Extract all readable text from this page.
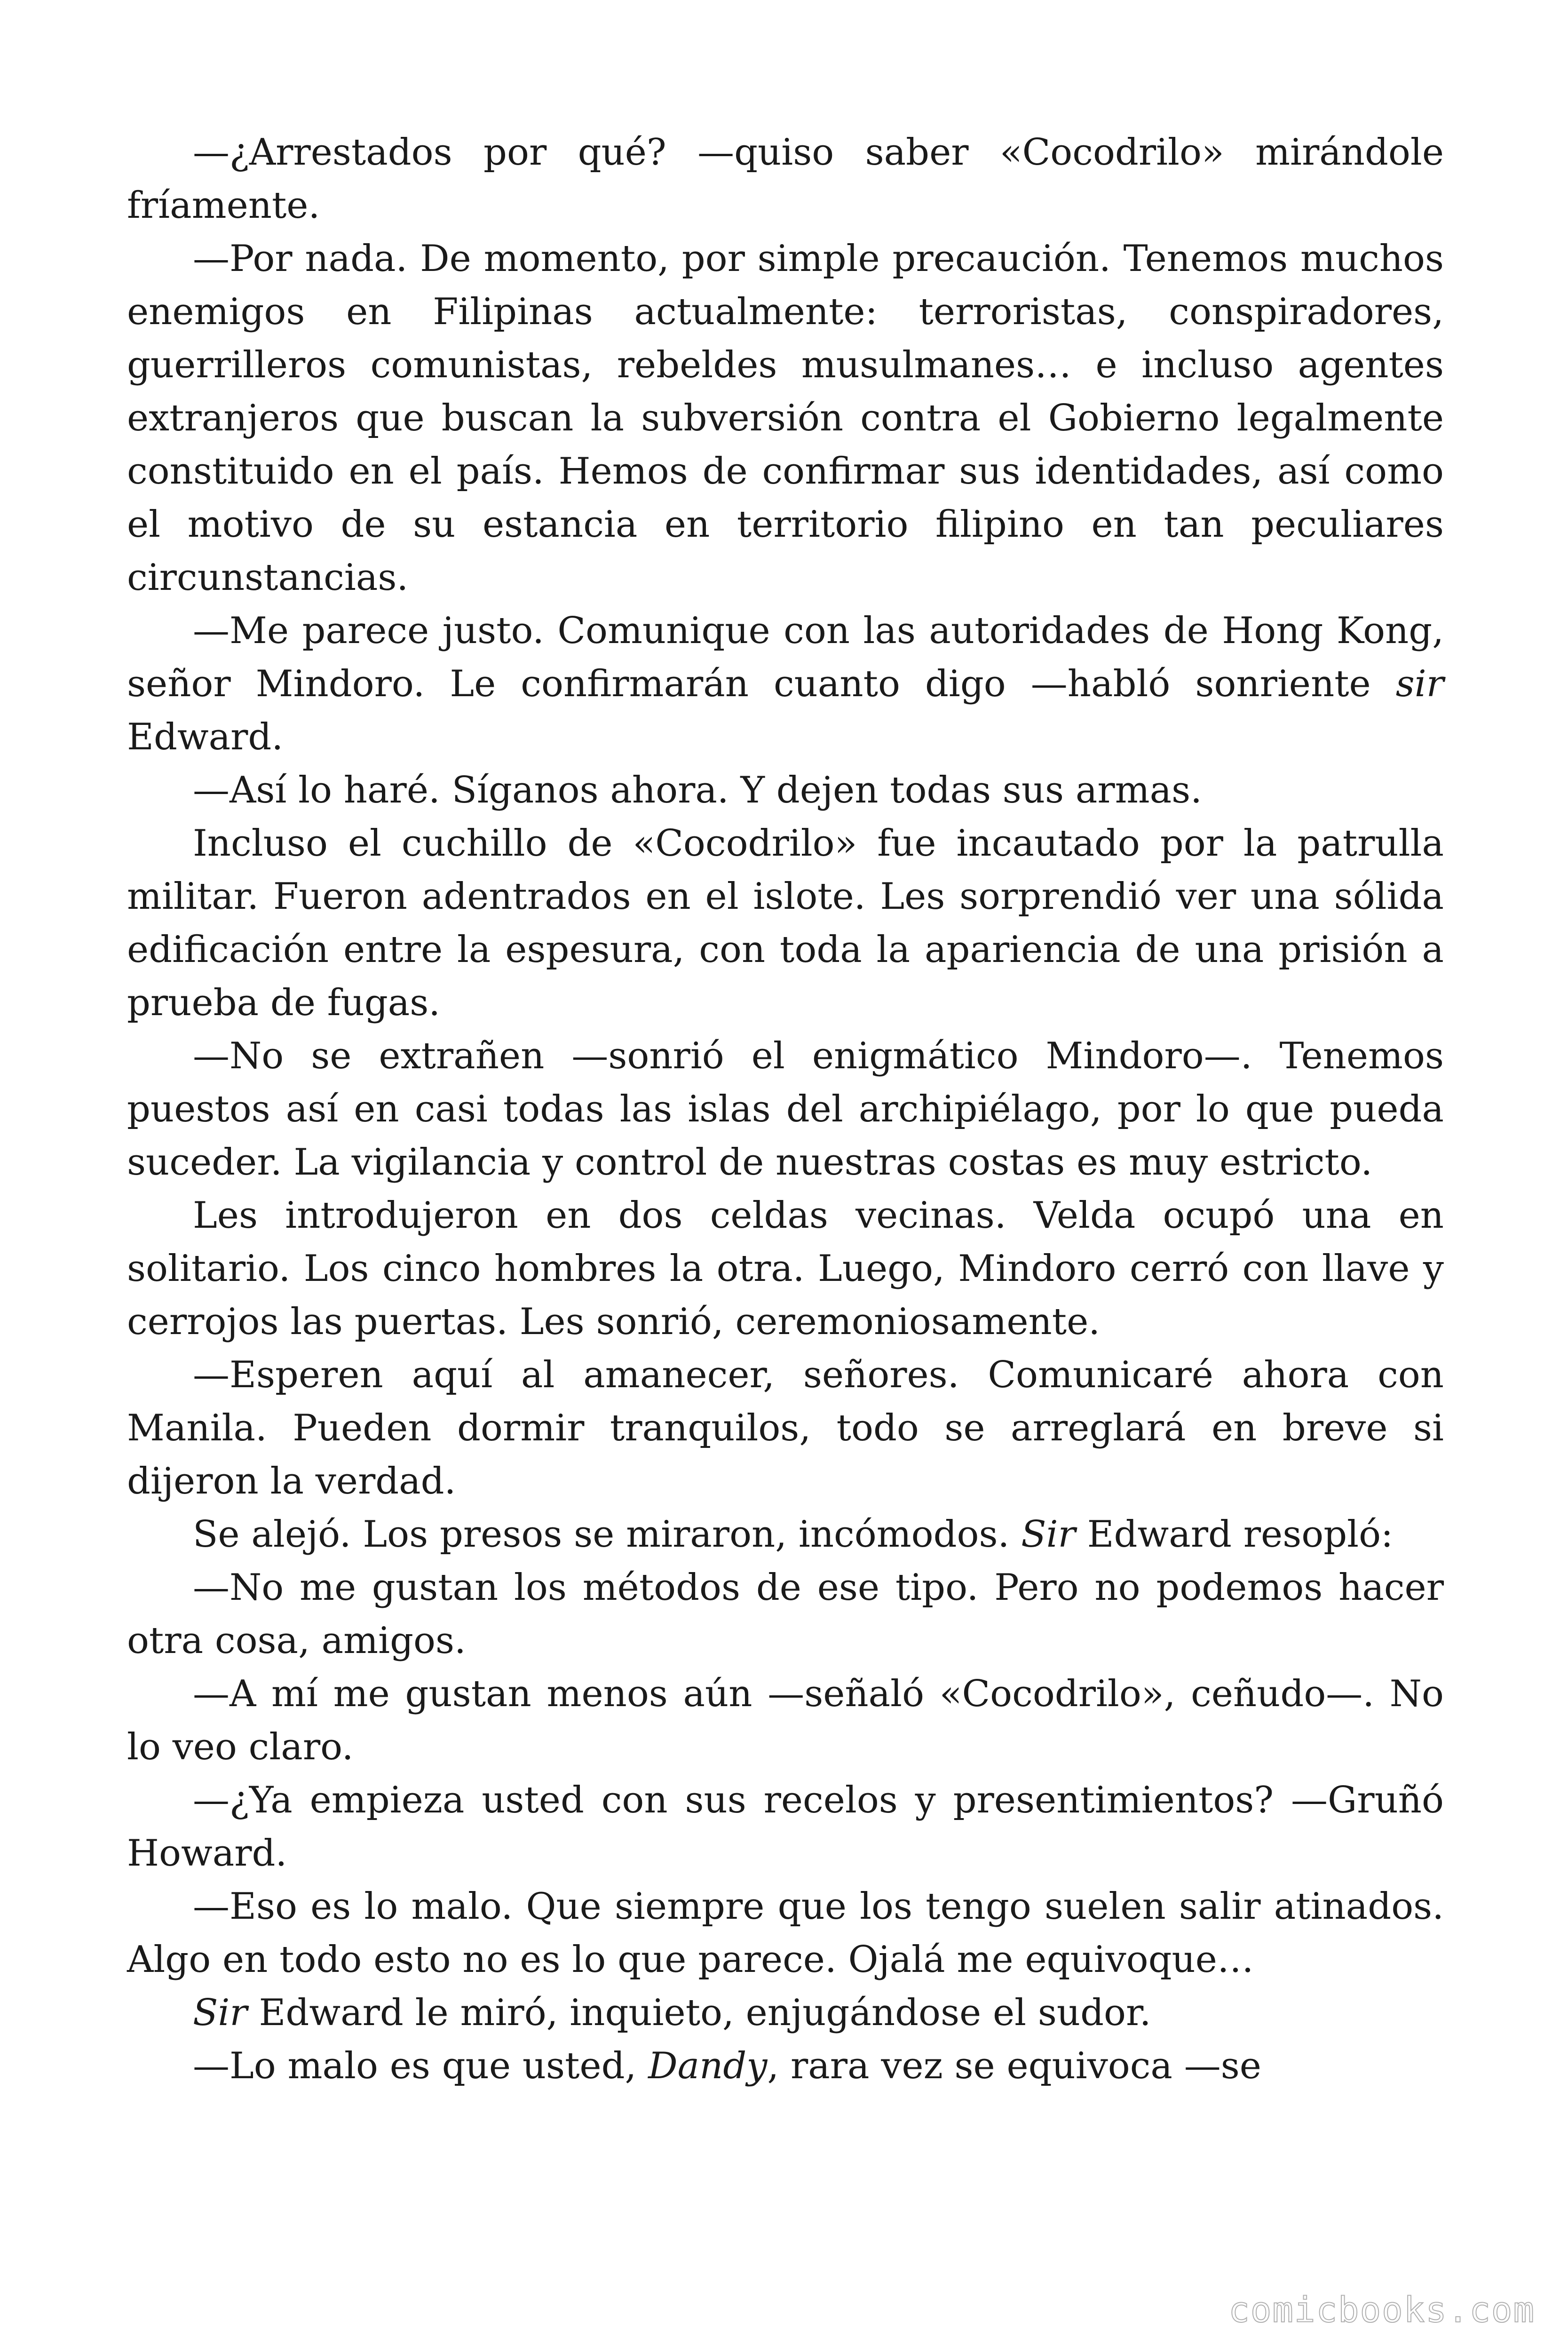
—¿Arrestados por qué? —quiso saber «Cocodrilo» mirándole fríamente.

—Por nada. De momento, por simple precaución. Tenemos muchos enemigos en Filipinas actualmente: terroristas, conspiradores, guerrilleros comunistas, rebeldes musulmanes… e incluso agentes extranjeros que buscan la subversión contra el Gobierno legalmente constituido en el país. Hemos de confirmar sus identidades, así como el motivo de su estancia en territorio filipino en tan peculiares circunstancias.

—Me parece justo. Comunique con las autoridades de Hong Kong, señor Mindoro. Le confirmarán cuanto digo —habló sonriente sir Edward.

—Así lo haré. Síganos ahora. Y dejen todas sus armas.

Incluso el cuchillo de «Cocodrilo» fue incautado por la patrulla militar. Fueron adentrados en el islote. Les sorprendió ver una sólida edificación entre la espesura, con toda la apariencia de una prisión a prueba de fugas.

—No se extrañen —sonrió el enigmático Mindoro—. Tenemos puestos así en casi todas las islas del archipiélago, por lo que pueda suceder. La vigilancia y control de nuestras costas es muy estricto.

Les introdujeron en dos celdas vecinas. Velda ocupó una en solitario. Los cinco hombres la otra. Luego, Mindoro cerró con llave y cerrojos las puertas. Les sonrió, ceremoniosamente.

—Esperen aquí al amanecer, señores. Comunicaré ahora con Manila. Pueden dormir tranquilos, todo se arreglará en breve si dijeron la verdad.

Se alejó. Los presos se miraron, incómodos. Sir Edward resopló:

—No me gustan los métodos de ese tipo. Pero no podemos hacer otra cosa, amigos.

—A mí me gustan menos aún —señaló «Cocodrilo», ceñudo—. No lo veo claro.

—¿Ya empieza usted con sus recelos y presentimientos? —Gruñó Howard.

—Eso es lo malo. Que siempre que los tengo suelen salir atinados. Algo en todo esto no es lo que parece. Ojalá me equivoque…

Sir Edward le miró, inquieto, enjugándose el sudor.

—Lo malo es que usted, Dandy, rara vez se equivoca —se

comicbooks.com
